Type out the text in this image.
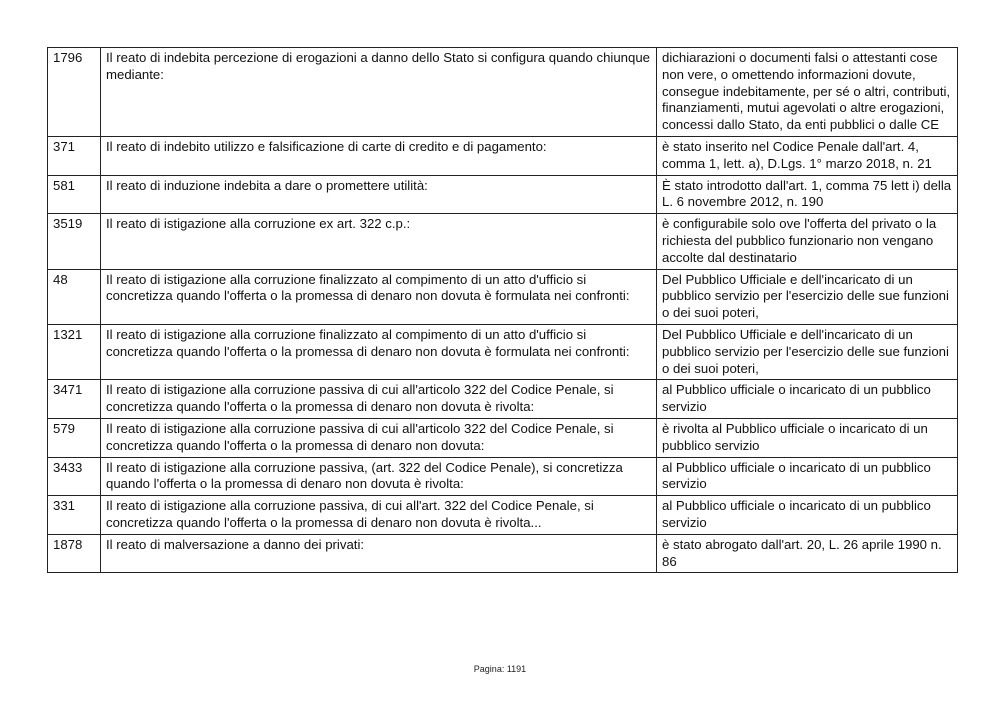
1796	Il reato di indebita percezione di erogazioni a danno dello Stato si configura quando chiunque mediante:	dichiarazioni o documenti falsi o attestanti cose non vere, o omettendo informazioni dovute, consegue indebitamente, per sé o altri, contributi, finanziamenti, mutui agevolati o altre erogazioni, concessi dallo Stato, da enti pubblici o dalle CE
371	Il reato di indebito utilizzo e falsificazione di carte di credito e di pagamento:	è stato inserito nel Codice Penale dall'art. 4, comma 1, lett. a), D.Lgs. 1° marzo 2018, n. 21
581	Il reato di induzione indebita a dare o promettere utilità:	È stato introdotto dall'art. 1, comma 75 lett i) della L. 6 novembre 2012, n. 190
3519	Il reato di istigazione alla corruzione ex art. 322 c.p.:	è configurabile solo ove l'offerta del privato o la richiesta del pubblico funzionario non vengano accolte dal destinatario
48	Il reato di istigazione alla corruzione finalizzato al compimento di un atto d'ufficio si concretizza quando l'offerta o la promessa di denaro non dovuta è formulata nei confronti:	Del Pubblico Ufficiale e dell'incaricato di un pubblico servizio per l'esercizio delle sue funzioni o dei suoi poteri,
1321	Il reato di istigazione alla corruzione finalizzato al compimento di un atto d'ufficio si concretizza quando l'offerta o la promessa di denaro non dovuta è formulata nei confronti:	Del Pubblico Ufficiale e dell'incaricato di un pubblico servizio per l'esercizio delle sue funzioni o dei suoi poteri,
3471	Il reato di istigazione alla corruzione passiva di cui all'articolo 322 del Codice Penale, si concretizza quando l'offerta o la promessa di denaro non dovuta è rivolta:	al Pubblico ufficiale o incaricato di un pubblico servizio
579	Il reato di istigazione alla corruzione passiva di cui all'articolo 322 del Codice Penale, si concretizza quando l'offerta o la promessa di denaro non dovuta:	è rivolta al Pubblico ufficiale o incaricato di un pubblico servizio
3433	Il reato di istigazione alla corruzione passiva, (art. 322 del Codice Penale), si concretizza quando l'offerta o la promessa di denaro non dovuta è rivolta:	al Pubblico ufficiale o incaricato di un pubblico servizio
331	Il reato di istigazione alla corruzione passiva, di cui all'art. 322 del Codice Penale, si concretizza quando l'offerta o la promessa di denaro non dovuta è rivolta...	al Pubblico ufficiale o incaricato di un pubblico servizio
1878	Il reato di malversazione a danno dei privati:	è stato abrogato dall'art. 20, L. 26 aprile 1990 n. 86
Pagina: 1191
